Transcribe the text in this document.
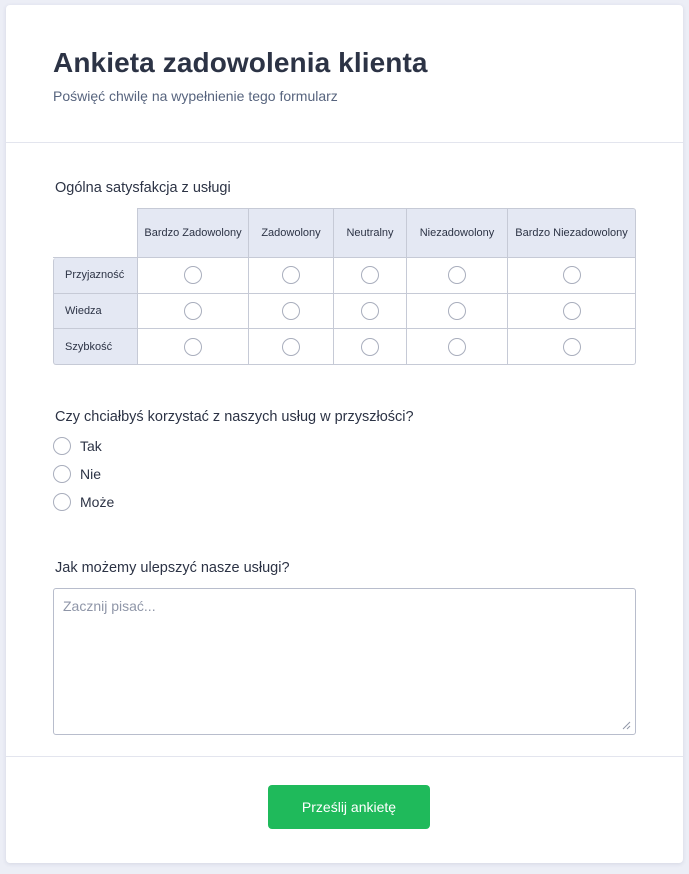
Ankieta zadowolenia klienta
Poświęć chwilę na wypełnienie tego formularz
Ogólna satysfakcja z usługi
	Bardzo Zadowolony	Zadowolony	Neutralny	Niezadowolony	Bardzo Niezadowolony
Przyjazność					
Wiedza					
Szybkość					
Czy chciałbyś korzystać z naszych usług w przyszłości?
Tak
Nie
Może
Jak możemy ulepszyć nasze usługi?
Zacznij pisać...
Prześlij ankietę
